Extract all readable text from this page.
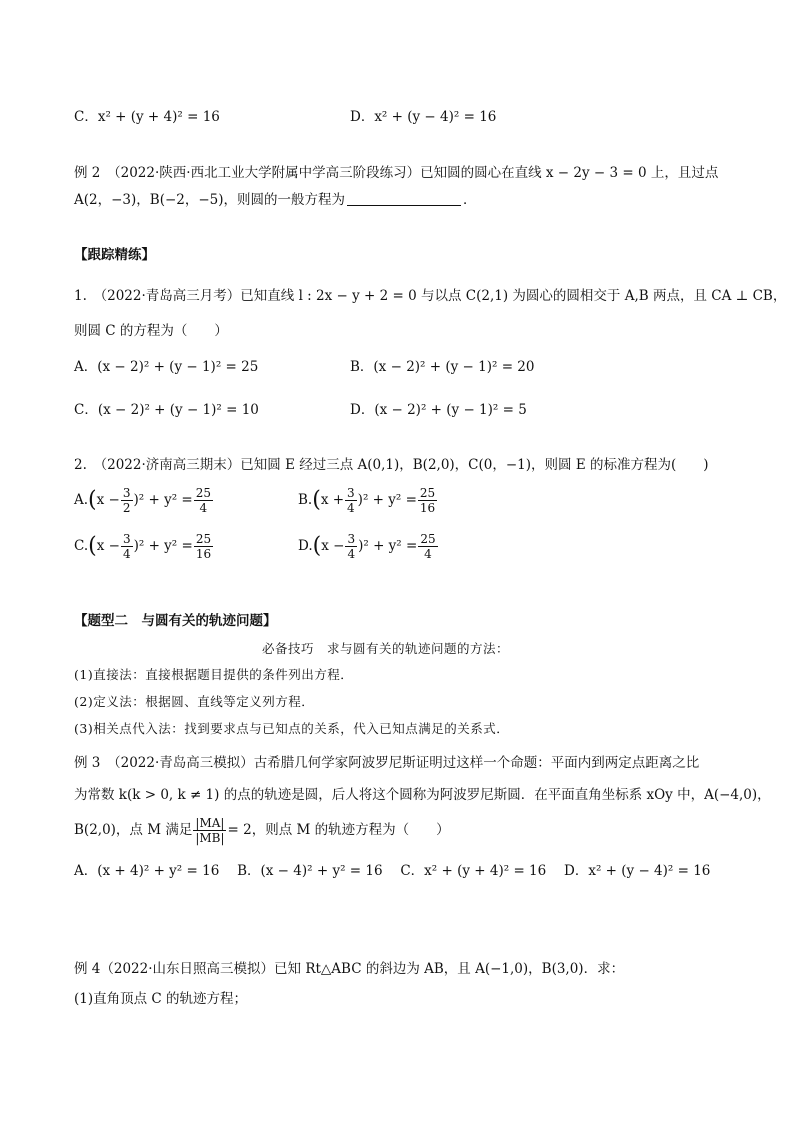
C．x² + (y + 4)² = 16	D．x² + (y − 4)² = 16
例 2　（2022·陕西·西北工业大学附属中学高三阶段练习）已知圆的圆心在直线 x − 2y − 3 = 0 上，且过点
A(2，−3)，B(−2，−5)，则圆的一般方程为	．
【跟踪精练】
1.　（2022·青岛高三月考）已知直线 l : 2x − y + 2 = 0 与以点 C(2,1) 为圆心的圆相交于 A,B 两点，且 CA ⊥ CB，
则圆 C 的方程为（　　）
A．(x − 2)² + (y − 1)² = 25	B．(x − 2)² + (y − 1)² = 20
C．(x − 2)² + (y − 1)² = 10	D．(x − 2)² + (y − 1)² = 5
2.　（2022·济南高三期末）已知圆 E 经过三点 A(0,1)，B(2,0)，C(0，−1)，则圆 E 的标准方程为(　　)
$A.(x - \frac{3}{2} )^2 + y^2 = \frac{25}{4}$	$B.(x + \frac{3}{4} )^2 + y^2 = \frac{25}{16}$
$C.(x - \frac{3}{4} )^2 + y^2 = \frac{25}{16}$	$D.(x - \frac{3}{4} )^2 + y^2 = \frac{25}{4}$
【题型二　与圆有关的轨迹问题】
必备技巧　求与圆有关的轨迹问题的方法：
(1)直接法：直接根据题目提供的条件列出方程．
(2)定义法：根据圆、直线等定义列方程．
(3)相关点代入法：找到要求点与已知点的关系，代入已知点满足的关系式．
例 3　（2022·青岛高三模拟）古希腊几何学家阿波罗尼斯证明过这样一个命题：平面内到两定点距离之比
为常数 k(k > 0, k ≠ 1) 的点的轨迹是圆，后人将这个圆称为阿波罗尼斯圆．在平面直角坐标系 xOy 中，A(−4,0)，
B(2,0)，点 M 满足 $\frac{|MA|}{|MB|} = 2$，则点 M 的轨迹方程为（　　）
A．(x + 4)² + y² = 16　 B．(x − 4)² + y² = 16　 C．x² + (y + 4)² = 16　 D．x² + (y − 4)² = 16
例 4（2022·山东日照高三模拟）已知 Rt△ABC 的斜边为 AB，且 A(−1,0)，B(3,0)．求：
(1)直角顶点 C 的轨迹方程；
